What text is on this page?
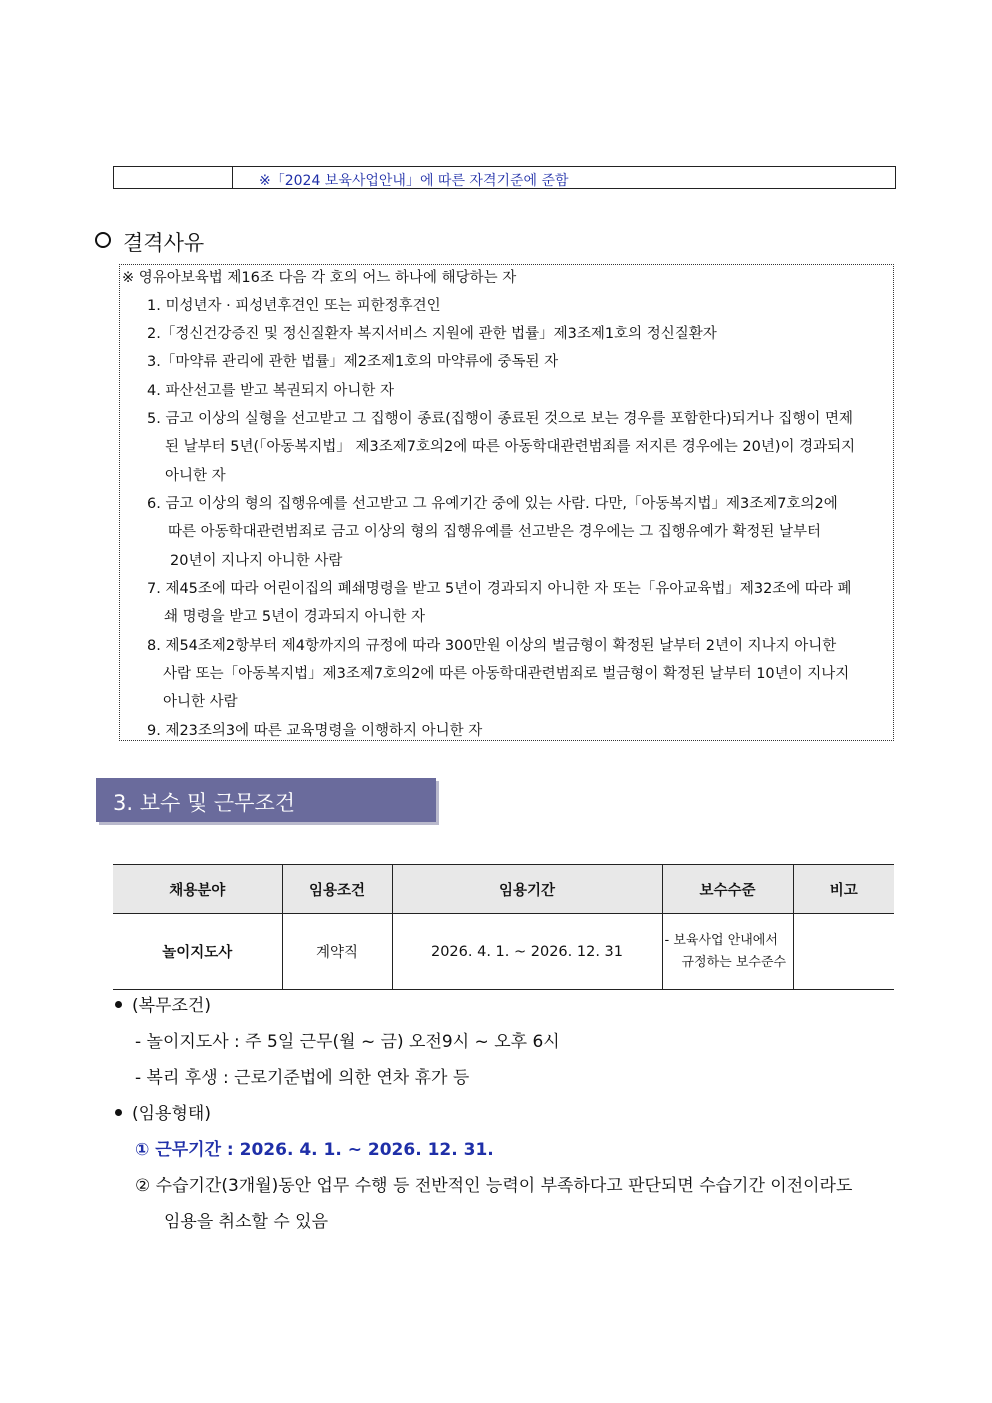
※「2024 보육사업안내」에 따른 자격기준에 준함
결격사유
※ 영유아보육법 제16조 다음 각 호의 어느 하나에 해당하는 자
1. 미성년자 · 피성년후견인 또는 피한정후견인
2.「정신건강증진 및 정신질환자 복지서비스 지원에 관한 법률」제3조제1호의 정신질환자
3.「마약류 관리에 관한 법률」제2조제1호의 마약류에 중독된 자
4. 파산선고를 받고 복권되지 아니한 자
5. 금고 이상의 실형을 선고받고 그 집행이 종료(집행이 종료된 것으로 보는 경우를 포함한다)되거나 집행이 면제
된 날부터 5년(「아동복지법」 제3조제7호의2에 따른 아동학대관련범죄를 저지른 경우에는 20년)이 경과되지
아니한 자
6. 금고 이상의 형의 집행유예를 선고받고 그 유예기간 중에 있는 사람. 다만,「아동복지법」제3조제7호의2에
따른 아동학대관련범죄로 금고 이상의 형의 집행유예를 선고받은 경우에는 그 집행유예가 확정된 날부터
20년이 지나지 아니한 사람
7. 제45조에 따라 어린이집의 폐쇄명령을 받고 5년이 경과되지 아니한 자 또는「유아교육법」제32조에 따라 폐
쇄 명령을 받고 5년이 경과되지 아니한 자
8. 제54조제2항부터 제4항까지의 규정에 따라 300만원 이상의 벌금형이 확정된 날부터 2년이 지나지 아니한
사람 또는「아동복지법」제3조제7호의2에 따른 아동학대관련범죄로 벌금형이 확정된 날부터 10년이 지나지
아니한 사람
9. 제23조의3에 따른 교육명령을 이행하지 아니한 자
3. 보수 및 근무조건
채용분야	임용조건	임용기간	보수수준	비고
놀이지도사	계약직	2026. 4. 1. ~ 2026. 12. 31	- 보육사업 안내에서
규정하는 보수준수	

(복무조건)
- 놀이지도사 : 주 5일 근무(월 ~ 금) 오전9시 ~ 오후 6시
- 복리 후생 : 근로기준법에 의한 연차 휴가 등
(임용형태)
① 근무기간 : 2026. 4. 1. ~ 2026. 12. 31.
② 수습기간(3개월)동안 업무 수행 등 전반적인 능력이 부족하다고 판단되면 수습기간 이전이라도
임용을 취소할 수 있음
